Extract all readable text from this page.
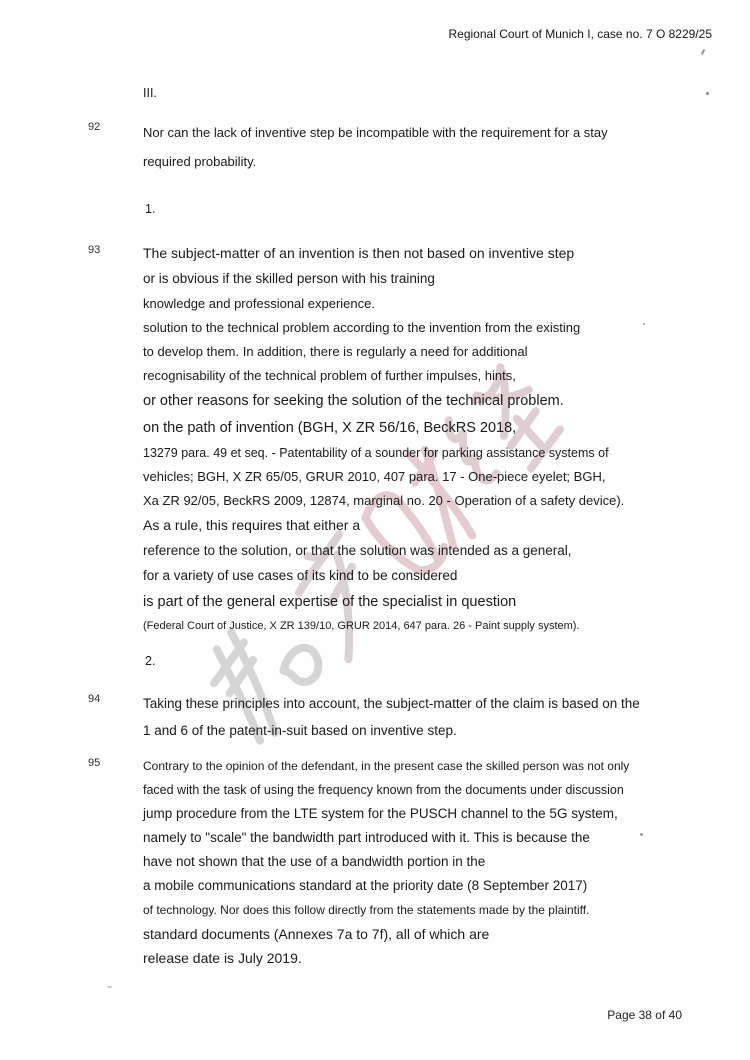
Regional Court of Munich I, case no. 7 O 8229/25
III.
92	Nor can the lack of inventive step be incompatible with the requirement for a stay
required probability.
1.
93	The subject-matter of an invention is then not based on inventive step
or is obvious if the skilled person with his training
knowledge and professional experience.
solution to the technical problem according to the invention from the existing
to develop them. In addition, there is regularly a need for additional
recognisability of the technical problem of further impulses, hints,
or other reasons for seeking the solution of the technical problem.
on the path of invention (BGH, X ZR 56/16, BeckRS 2018,
13279 para. 49 et seq. - Patentability of a sounder for parking assistance systems of
vehicles; BGH, X ZR 65/05, GRUR 2010, 407 para. 17 - One-piece eyelet; BGH,
Xa ZR 92/05, BeckRS 2009, 12874, marginal no. 20 - Operation of a safety device).
As a rule, this requires that either a
reference to the solution, or that the solution was intended as a general,
for a variety of use cases of its kind to be considered
is part of the general expertise of the specialist in question
(Federal Court of Justice, X ZR 139/10, GRUR 2014, 647 para. 26 - Paint supply system).
2.
94	Taking these principles into account, the subject-matter of the claim is based on the
1 and 6 of the patent-in-suit based on inventive step.
95	Contrary to the opinion of the defendant, in the present case the skilled person was not only
faced with the task of using the frequency known from the documents under discussion
jump procedure from the LTE system for the PUSCH channel to the 5G system,
namely to "scale" the bandwidth part introduced with it. This is because the
have not shown that the use of a bandwidth portion in the
a mobile communications standard at the priority date (8 September 2017)
of technology. Nor does this follow directly from the statements made by the plaintiff.
standard documents (Annexes 7a to 7f), all of which are
release date is July 2019.
Page 38 of 40
